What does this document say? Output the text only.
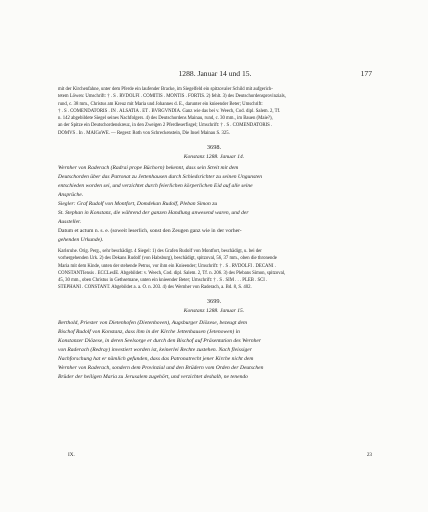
1288. Januar 14 und 15.	177
mit der Kirchenfahne, unter dem Pferde ein laufender Bracke, im Siegelfeld ein spitzovaler Schild mit aufgerich-
tetem Löwen: Umschrift: † . S . RVDOLFI . COMITIS . MONTIS . FORTIS. 2) fehlt. 3) des Deutschordensprovinzials,
rund, c. 38 mm., Christus am Kreuz mit Maria und Johannes d. E., darunter ein knieender Beter; Umschrift:
† . S . COMENDATORIS . IN . ALSATIA . ET . BVRGVNDIA. Ganz wie das bei v. Weech, Cod. dipl. Salem. 2, Tf.
n. 142 abgebildete Siegel seines Nachfolgers. 4) des Deutschordens Mainau, rund, c. 30 mm., im Bauen (Maie?),
an der Spitze ein Deutschordenskreuz, in den Zweigen 2 Pferdleserfisgel; Umschrift: † . S . COMENDATORIS .
DOMVS . In . MAIGoWE. — Regest: Roth von Schreckenstein, Die Insel Mainau S. 325.
3698.
Konstanz 1288. Januar 14.
Wernher von Raderach (Radrai prope Büchorn) bekennt, dass sein Streit mit dem
Deutschorden über das Patronat zu Jettenhausen durch Schiedsrichter zu seinen Ungunsten
entschieden worden sei, und verzichtet durch feierlichen körperlichen Eid auf alle seine
Ansprüche.
Siegler: Graf Rudolf von Montfort, Domdekan Rudolf, Pleban Simon zu
St. Stephan in Konstanz, die während der ganzen Handlung anwesend waren, und der
Aussteller.
Datum et actum n. s. e. (soweit leserlich, sonst den Zeugen ganz wie in der vorher-
gehenden Urkunde).
Karlsruhe. Orig. Perg., sehr beschädigt. 4 Siegel: 1) des Grafen Rudolf von Montfort, beschädigt, u. bei der
vorhergehenden Urk. 2) des Dekans Rudolf (von Habsburg), beschädigt, spitzoval, 56, 37 mm., oben die thronende
Maria mit dem Kinde, unten der stehende Petrus, vor ihm ein Knieender; Umschrift: † . S . RVDOLFI . DECANI .
CONSTANTIensis . ECCLesIE. Abgebildet: v. Weech, Cod. dipl. Salem. 2, Tf. n. 206. 3) des Plebans Simon, spitzoval,
45, 30 mm., oben Christus in Gethsemane, unten ein knieender Beter; Umschrift: † . S . SIM . . . PLEB . SCI .
STEPHANI . CONSTANT. Abgebildet a. a. O. n. 203. 4) des Wernher von Raderach, a. Bd. 8, S. 402.
3699.
Konstanz 1288. Januar 15.
Berthold, Priester von Dietenhofen (Dietenhoven), Augsburger Diözese, bezeugt dem
Bischof Rudolf von Konstanz, dass ihm in der Kirche Jettenhausen (Jetenowen) in
Konstanzer Diözese, in deren Seelsorge er durch den Bischof auf Präsentation des Wernher
von Raderach (Redray) investiert worden ist, keinerlei Rechte zustehen. Nach fleissiger
Nachforschung hat er nämlich gefunden, dass das Patronatrecht jener Kirche nicht dem
Wernher von Raderach, sondern dem Provinzial und den Brüdern vom Orden der Deutschen
Brüder der heiligen Maria zu Jerusalem zugehört, und verzichtet deshalb, ne tenendo
IX.	23
